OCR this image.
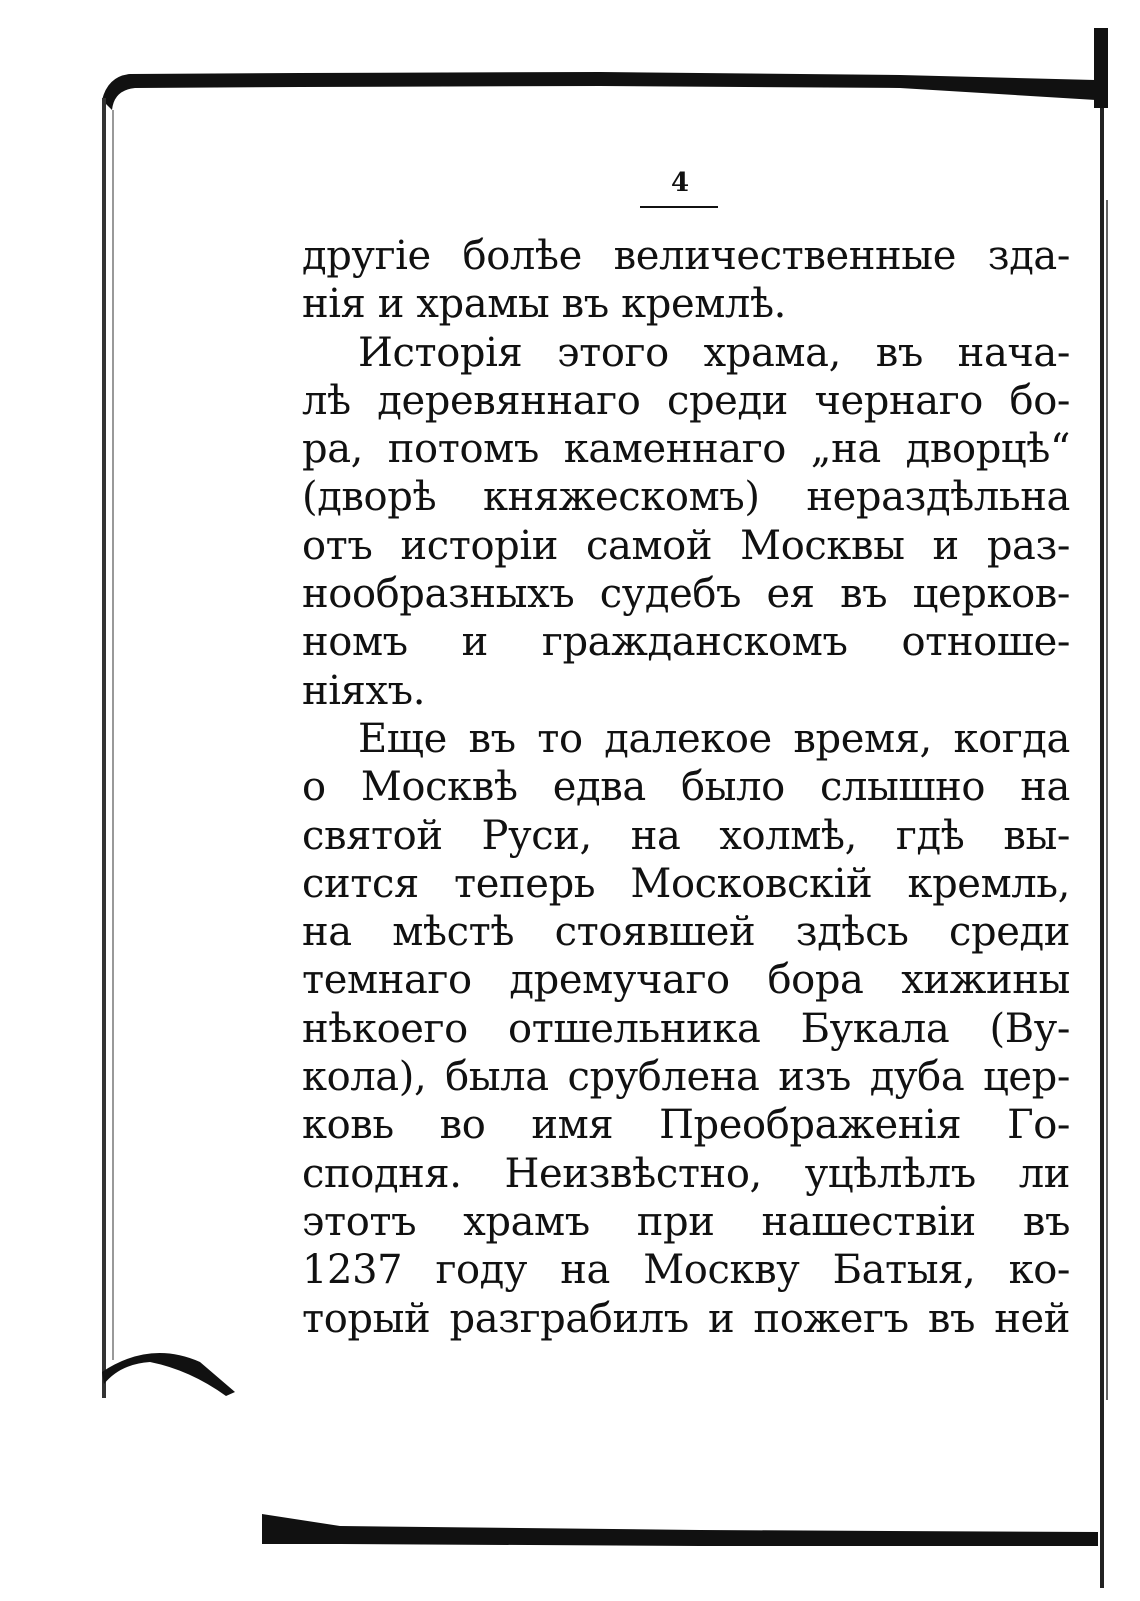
4
другіе болѣе величественные зда-
нія и храмы въ кремлѣ.
Исторія этого храма, въ нача-
лѣ деревяннаго среди чернаго бо-
ра, потомъ каменнаго „на дворцѣ“
(дворѣ княжескомъ) нераздѣльна
отъ исторіи самой Москвы и раз-
нообразныхъ судебъ ея въ церков-
номъ и гражданскомъ отноше-
ніяхъ.
Еще въ то далекое время, когда
о Москвѣ едва было слышно на
святой Руси, на холмѣ, гдѣ вы-
сится теперь Московскій кремль,
на мѣстѣ стоявшей здѣсь среди
темнаго дремучаго бора хижины
нѣкоего отшельника Букала (Ву-
кола), была срублена изъ дуба цер-
ковь во имя Преображенія Го-
сподня. Неизвѣстно, уцѣлѣлъ ли
этотъ храмъ при нашествіи въ
1237 году на Москву Батыя, ко-
торый разграбилъ и пожегъ въ ней
